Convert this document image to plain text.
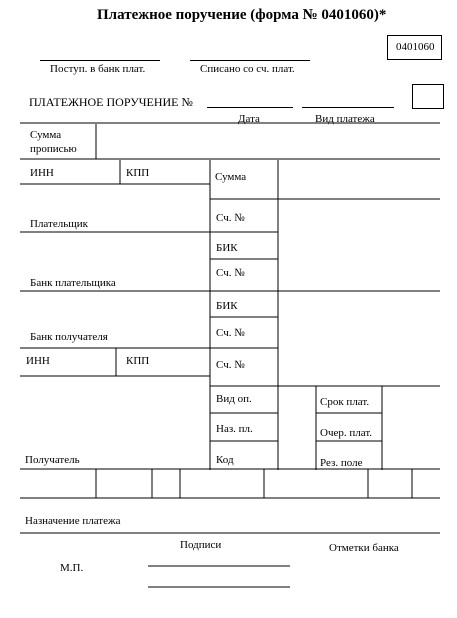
Платежное поручение (форма № 0401060)*
0401060
Поступ. в банк плат.	Списано со сч. плат.
ПЛАТЕЖНОЕ ПОРУЧЕНИЕ №
Дата	Вид платежа
Сумма
прописью
ИНН	КПП	Сумма
Плательщик	Сч. №
БИК
Сч. №
Банк плательщика
БИК
Сч. №
Банк получателя
ИНН	КПП	Сч. №
Вид оп.	Срок плат.
Наз. пл.	Очер. плат.
Код	Рез. поле
Получатель
Назначение платежа
Подписи	Отметки банка
М.П.
